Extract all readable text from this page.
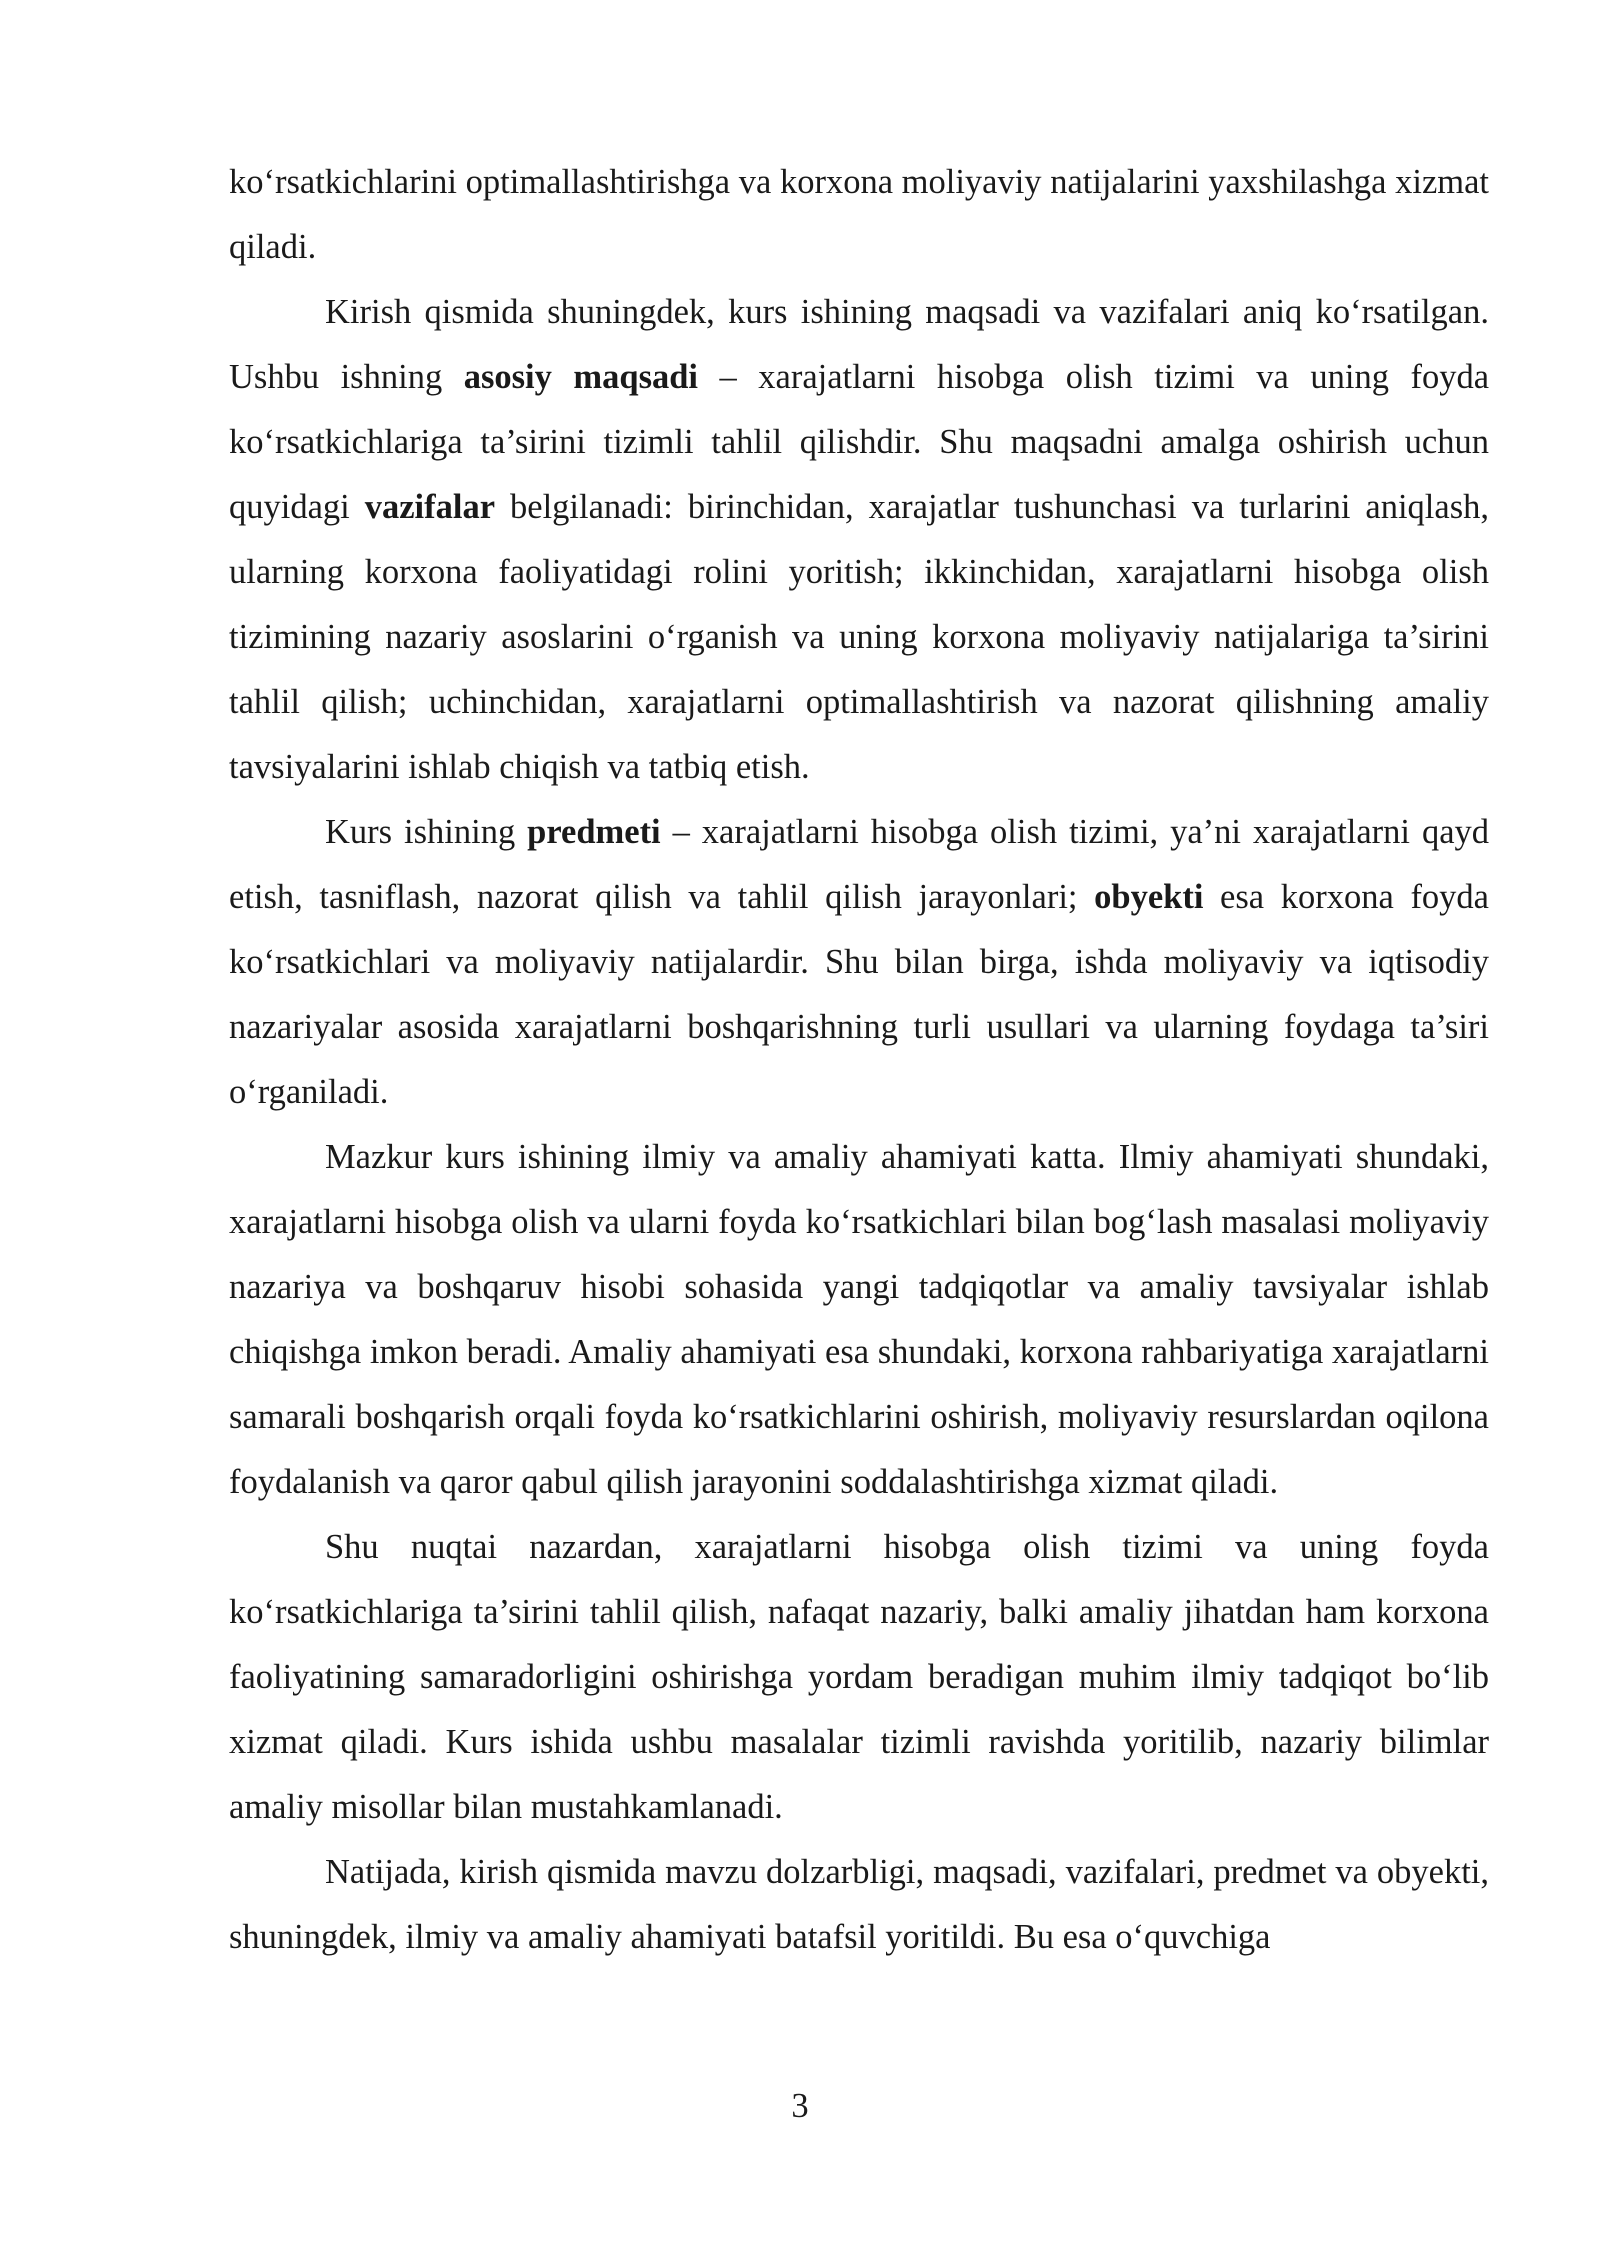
ko‘rsatkichlarini optimallashtirishga va korxona moliyaviy natijalarini yaxshilashga xizmat qiladi.

Kirish qismida shuningdek, kurs ishining maqsadi va vazifalari aniq ko‘rsatilgan. Ushbu ishning asosiy maqsadi – xarajatlarni hisobga olish tizimi va uning foyda ko‘rsatkichlariga ta’sirini tizimli tahlil qilishdir. Shu maqsadni amalga oshirish uchun quyidagi vazifalar belgilanadi: birinchidan, xarajatlar tushunchasi va turlarini aniqlash, ularning korxona faoliyatidagi rolini yoritish; ikkinchidan, xarajatlarni hisobga olish tizimining nazariy asoslarini o‘rganish va uning korxona moliyaviy natijalariga ta’sirini tahlil qilish; uchinchidan, xarajatlarni optimallashtirish va nazorat qilishning amaliy tavsiyalarini ishlab chiqish va tatbiq etish.

Kurs ishining predmeti – xarajatlarni hisobga olish tizimi, ya’ni xarajatlarni qayd etish, tasniflash, nazorat qilish va tahlil qilish jarayonlari; obyekti esa korxona foyda ko‘rsatkichlari va moliyaviy natijalardir. Shu bilan birga, ishda moliyaviy va iqtisodiy nazariyalar asosida xarajatlarni boshqarishning turli usullari va ularning foydaga ta’siri o‘rganiladi.

Mazkur kurs ishining ilmiy va amaliy ahamiyati katta. Ilmiy ahamiyati shundaki, xarajatlarni hisobga olish va ularni foyda ko‘rsatkichlari bilan bog‘lash masalasi moliyaviy nazariya va boshqaruv hisobi sohasida yangi tadqiqotlar va amaliy tavsiyalar ishlab chiqishga imkon beradi. Amaliy ahamiyati esa shundaki, korxona rahbariyatiga xarajatlarni samarali boshqarish orqali foyda ko‘rsatkichlarini oshirish, moliyaviy resurslardan oqilona foydalanish va qaror qabul qilish jarayonini soddalashtirishga xizmat qiladi.

Shu nuqtai nazardan, xarajatlarni hisobga olish tizimi va uning foyda ko‘rsatkichlariga ta’sirini tahlil qilish, nafaqat nazariy, balki amaliy jihatdan ham korxona faoliyatining samaradorligini oshirishga yordam beradigan muhim ilmiy tadqiqot bo‘lib xizmat qiladi. Kurs ishida ushbu masalalar tizimli ravishda yoritilib, nazariy bilimlar amaliy misollar bilan mustahkamlanadi.

Natijada, kirish qismida mavzu dolzarbligi, maqsadi, vazifalari, predmet va obyekti, shuningdek, ilmiy va amaliy ahamiyati batafsil yoritildi. Bu esa o‘quvchiga

3
